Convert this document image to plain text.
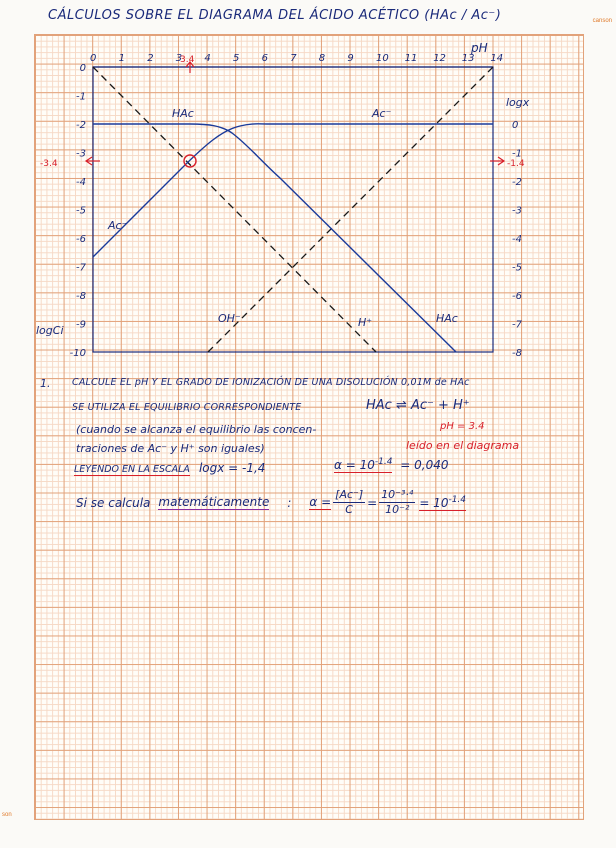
CÁLCULOS SOBRE EL DIAGRAMA DEL ÁCIDO ACÉTICO (HAc / Ac⁻)	canson
son
0 1 2 3 4 5 6 7 8 9 10 11 12 13 14
0
-1
-2
-3
-4
-5
-6
-7
-8
-9
-10
0
-1
-2
-3
-4
-5
-6
-7
-8
pH
logCi
logx
3.4
-3.4	-1.4
HAc	Ac⁻
Ac⁻
OH⁻	H⁺	HAc
1. CALCULE EL pH Y EL GRADO DE IONIZACIÓN DE UNA DISOLUCIÓN 0,01M de HAc
SE UTILIZA EL EQUILIBRIO CORRESPONDIENTE	HAc ⇌ Ac⁻ + H⁺
pH = 3.4
(cuando se alcanza el equilibrio las concen-
traciones de Ac⁻ y H⁺ son iguales)	leído en el diagrama
LEYENDO EN LA ESCALA logx = -1,4	$\alpha = 10^{-1.4} = 0,040$
Si se calcula matemáticamente : $\alpha = \frac{[Ac^-]}{C} = \frac{\text{10⁻³·⁴}}{\text{10⁻²}} = 10^{-1.4}$
